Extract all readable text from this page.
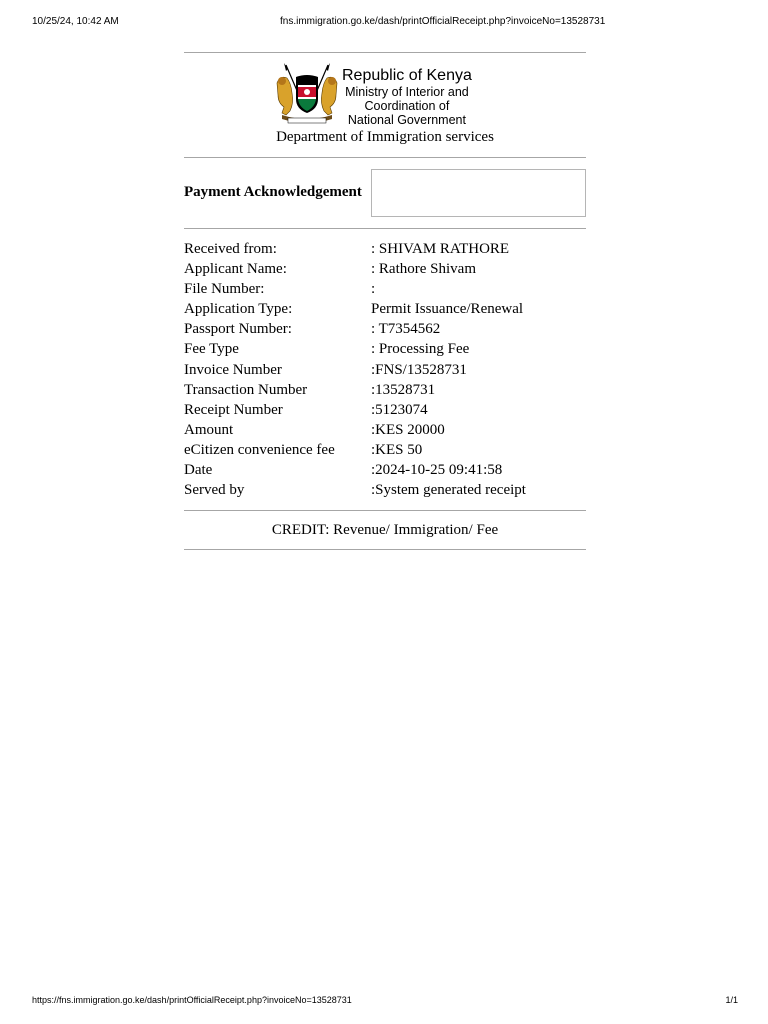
10/25/24, 10:42 AM	fns.immigration.go.ke/dash/printOfficialReceipt.php?invoiceNo=13528731
Republic of Kenya
Ministry of Interior and
Coordination of
National Government
Department of Immigration services
Payment Acknowledgement
Received from:	: SHIVAM RATHORE
Applicant Name:	: Rathore Shivam
File Number:	:
Application Type:	Permit Issuance/Renewal
Passport Number:	: T7354562
Fee Type	: Processing Fee
Invoice Number	:FNS/13528731
Transaction Number	:13528731
Receipt Number	:5123074
Amount	:KES 20000
eCitizen convenience fee :KES 50
Date	:2024-10-25 09:41:58
Served by	:System generated receipt
CREDIT: Revenue/ Immigration/ Fee
https://fns.immigration.go.ke/dash/printOfficialReceipt.php?invoiceNo=13528731	1/1
